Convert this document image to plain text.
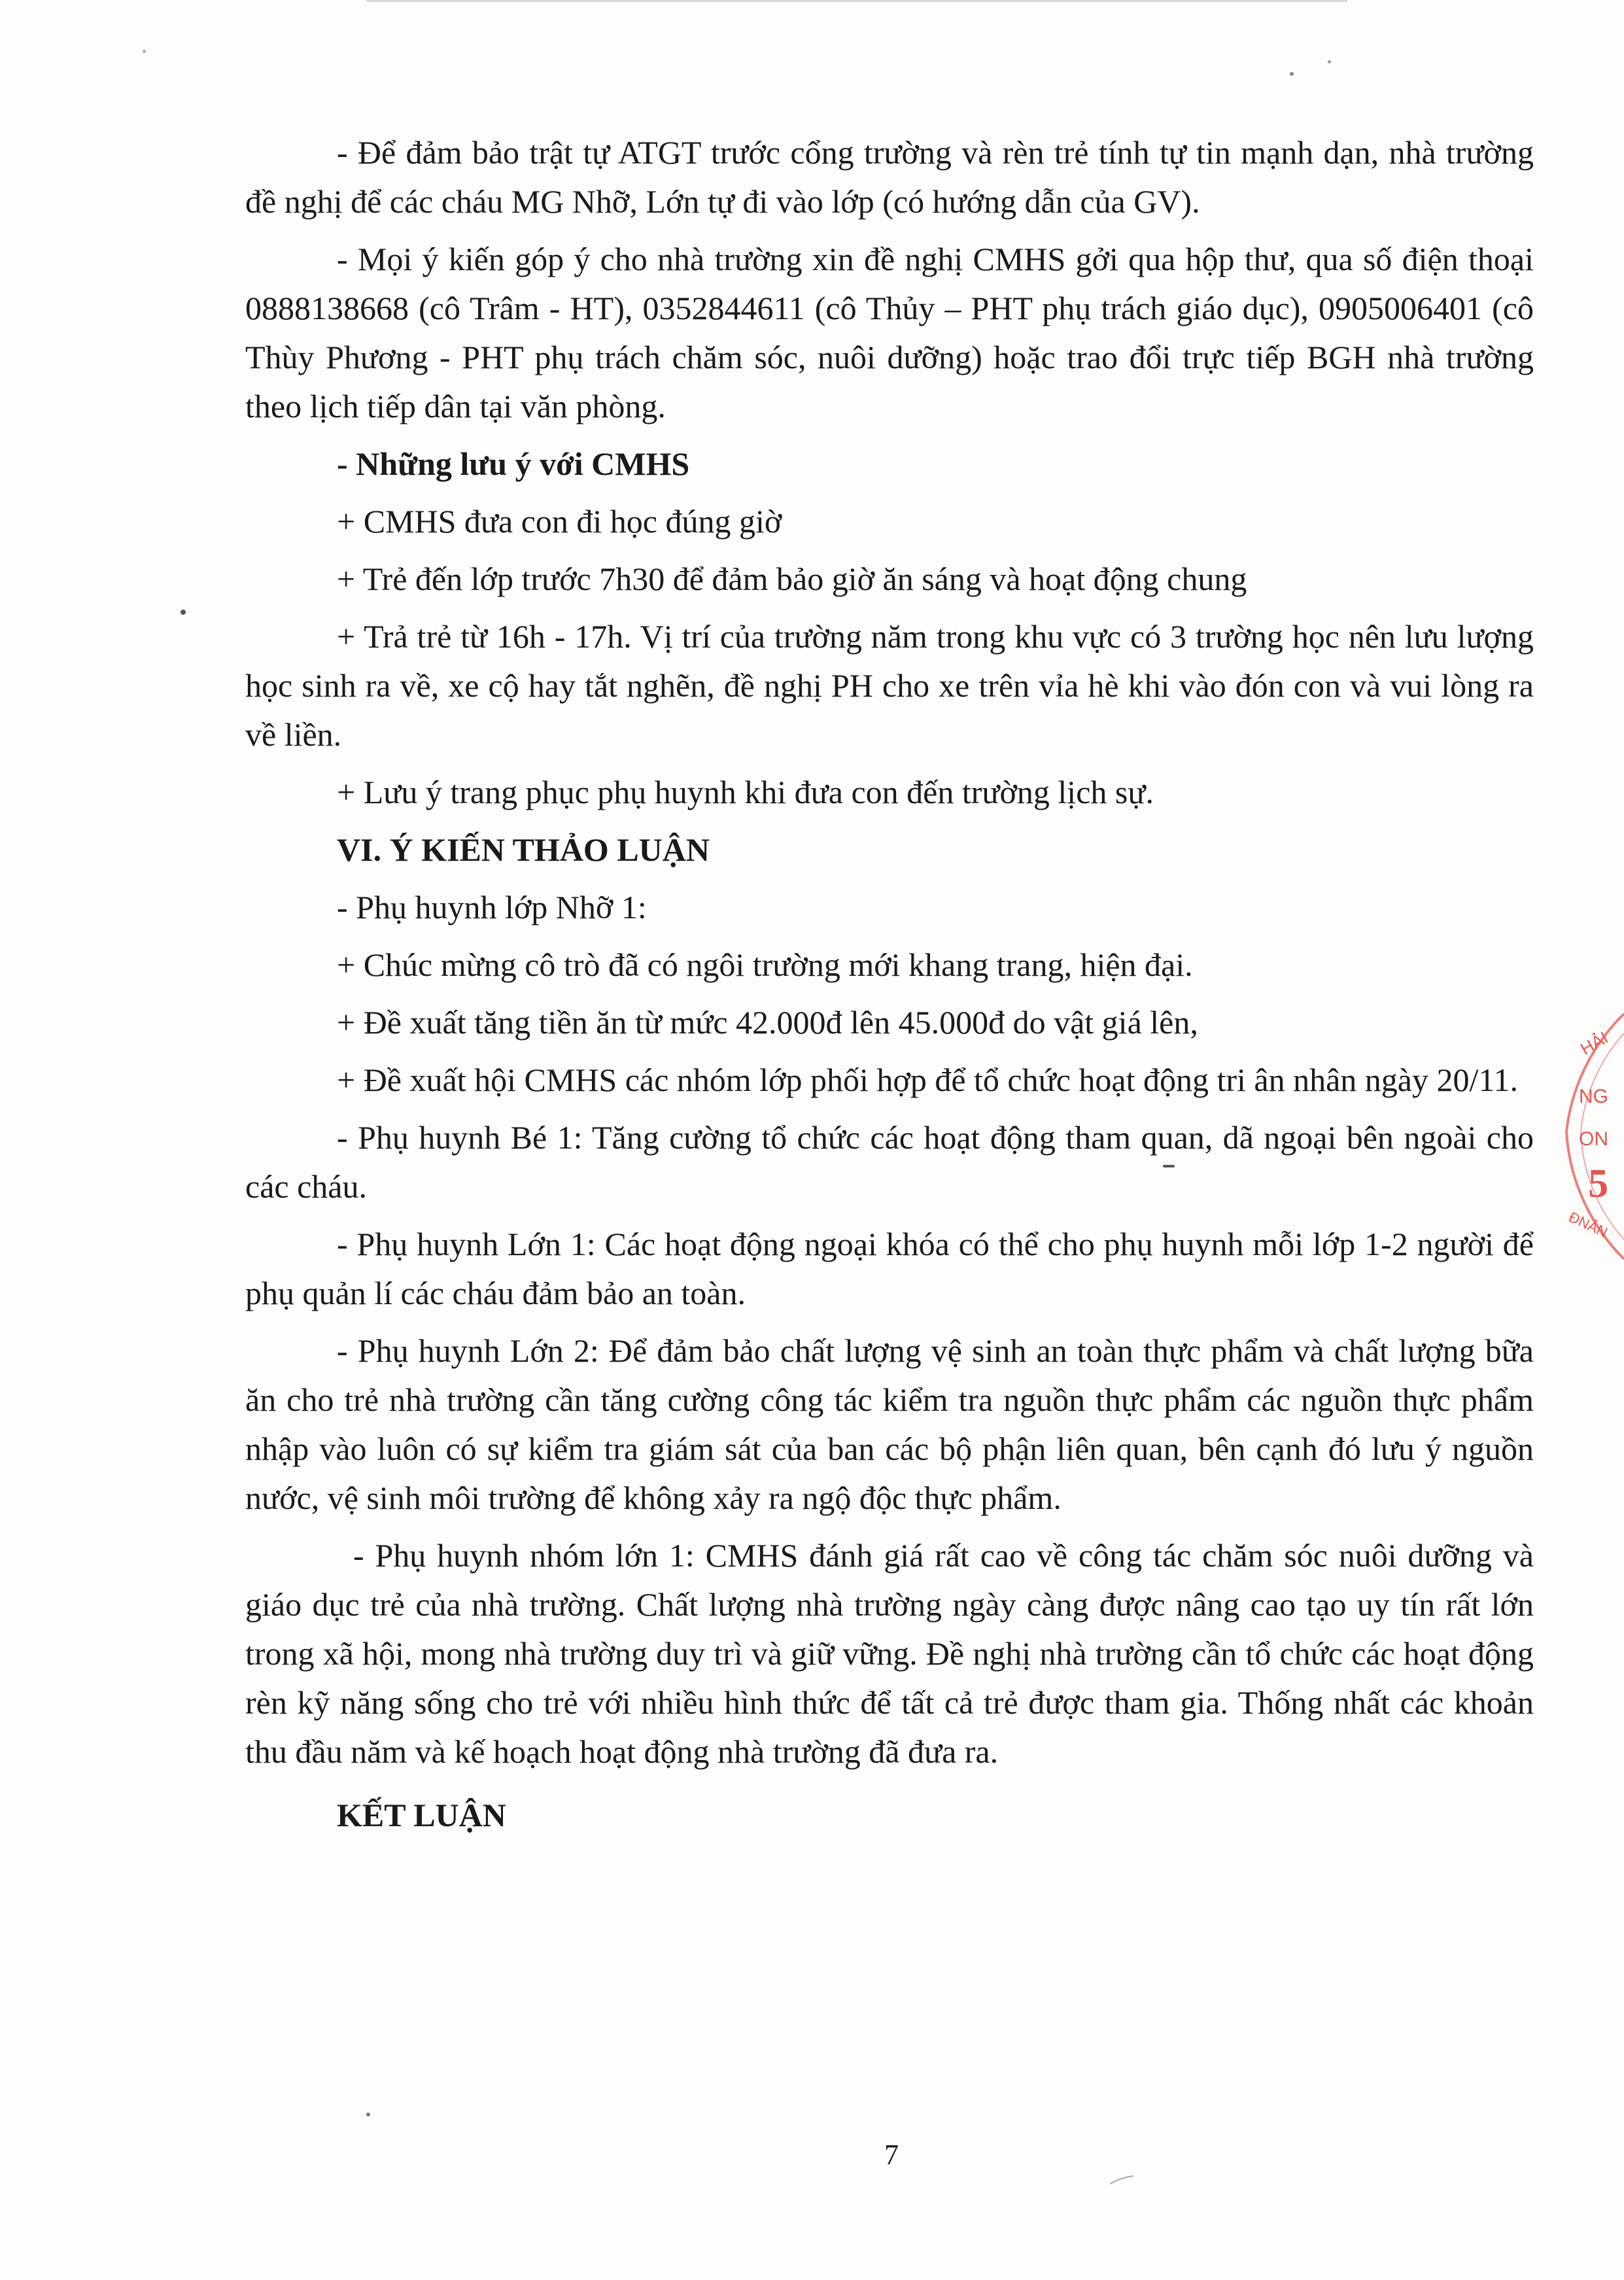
- Để đảm bảo trật tự ATGT trước cổng trường và rèn trẻ tính tự tin mạnh dạn, nhà trường đề nghị để các cháu MG Nhỡ, Lớn tự đi vào lớp (có hướng dẫn của GV).

- Mọi ý kiến góp ý cho nhà trường xin đề nghị CMHS gởi qua hộp thư, qua số điện thoại 0888138668 (cô Trâm - HT), 0352844611 (cô Thủy – PHT phụ trách giáo dục), 0905006401 (cô Thùy Phương - PHT phụ trách chăm sóc, nuôi dưỡng) hoặc trao đổi trực tiếp BGH nhà trường theo lịch tiếp dân tại văn phòng.

- Những lưu ý với CMHS

+ CMHS đưa con đi học đúng giờ

+ Trẻ đến lớp trước 7h30 để đảm bảo giờ ăn sáng và hoạt động chung

+ Trả trẻ từ 16h - 17h. Vị trí của trường năm trong khu vực có 3 trường học nên lưu lượng học sinh ra về, xe cộ hay tắt nghẽn, đề nghị PH cho xe trên vỉa hè khi vào đón con và vui lòng ra về liền.

+ Lưu ý trang phục phụ huynh khi đưa con đến trường lịch sự.

VI. Ý KIẾN THẢO LUẬN

- Phụ huynh lớp Nhỡ 1:

+ Chúc mừng cô trò đã có ngôi trường mới khang trang, hiện đại.

+ Đề xuất tăng tiền ăn từ mức 42.000đ lên 45.000đ do vật giá lên,

+ Đề xuất hội CMHS các nhóm lớp phối hợp để tổ chức hoạt động tri ân nhân ngày 20/11.

- Phụ huynh Bé 1: Tăng cường tổ chức các hoạt động tham quan, dã ngoại bên ngoài cho các cháu.

- Phụ huynh Lớn 1: Các hoạt động ngoại khóa có thể cho phụ huynh mỗi lớp 1-2 người để phụ quản lí các cháu đảm bảo an toàn.

- Phụ huynh Lớn 2: Để đảm bảo chất lượng vệ sinh an toàn thực phẩm và chất lượng bữa ăn cho trẻ nhà trường cần tăng cường công tác kiểm tra nguồn thực phẩm các nguồn thực phẩm nhập vào luôn có sự kiểm tra giám sát của ban các bộ phận liên quan, bên cạnh đó lưu ý nguồn nước, vệ sinh môi trường để không xảy ra ngộ độc thực phẩm.

- Phụ huynh nhóm lớn 1: CMHS đánh giá rất cao về công tác chăm sóc nuôi dưỡng và giáo dục trẻ của nhà trường. Chất lượng nhà trường ngày càng được nâng cao tạo uy tín rất lớn trong xã hội, mong nhà trường duy trì và giữ vững. Đề nghị nhà trường cần tổ chức các hoạt động rèn kỹ năng sống cho trẻ với nhiều hình thức để tất cả trẻ được tham gia. Thống nhất các khoản thu đầu năm và kế hoạch hoạt động nhà trường đã đưa ra.

KẾT LUẬN

7
HẢI
NG
ON
5
ĐNẴN
